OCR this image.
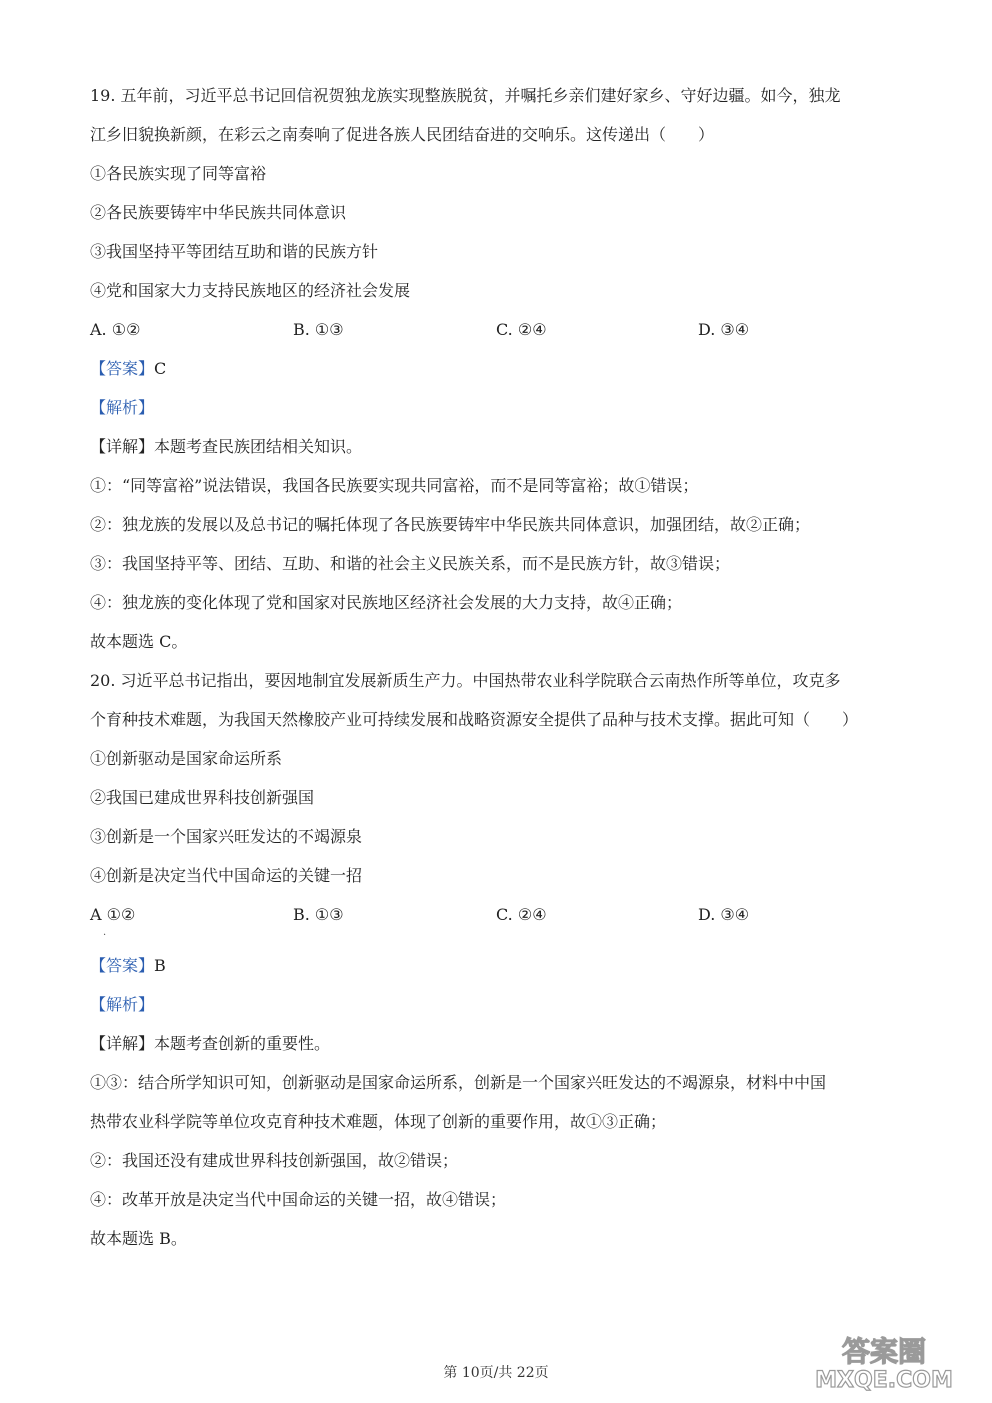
19. 五年前，习近平总书记回信祝贺独龙族实现整族脱贫，并嘱托乡亲们建好家乡、守好边疆。如今，独龙
江乡旧貌换新颜，在彩云之南奏响了促进各族人民团结奋进的交响乐。这传递出（　　）
①各民族实现了同等富裕
②各民族要铸牢中华民族共同体意识
③我国坚持平等团结互助和谐的民族方针
④党和国家大力支持民族地区的经济社会发展
A. ①②	B. ①③	C. ②④	D. ③④
【答案】C
【解析】
【详解】本题考查民族团结相关知识。
①：“同等富裕”说法错误，我国各民族要实现共同富裕，而不是同等富裕；故①错误；
②：独龙族的发展以及总书记的嘱托体现了各民族要铸牢中华民族共同体意识，加强团结，故②正确；
③：我国坚持平等、团结、互助、和谐的社会主义民族关系，而不是民族方针，故③错误；
④：独龙族的变化体现了党和国家对民族地区经济社会发展的大力支持，故④正确；
故本题选 C。
20. 习近平总书记指出，要因地制宜发展新质生产力。中国热带农业科学院联合云南热作所等单位，攻克多
个育种技术难题，为我国天然橡胶产业可持续发展和战略资源安全提供了品种与技术支撑。据此可知（　　）
①创新驱动是国家命运所系
②我国已建成世界科技创新强国
③创新是一个国家兴旺发达的不竭源泉
④创新是决定当代中国命运的关键一招
A ①②
·
B. ①③	C. ②④	D. ③④
【答案】B
【解析】
【详解】本题考查创新的重要性。
①③：结合所学知识可知，创新驱动是国家命运所系，创新是一个国家兴旺发达的不竭源泉，材料中中国
热带农业科学院等单位攻克育种技术难题，体现了创新的重要作用，故①③正确；
②：我国还没有建成世界科技创新强国，故②错误；
④：改革开放是决定当代中国命运的关键一招，故④错误；
故本题选 B。
第 10页/共 22页
答案圈
MXQE.COM
